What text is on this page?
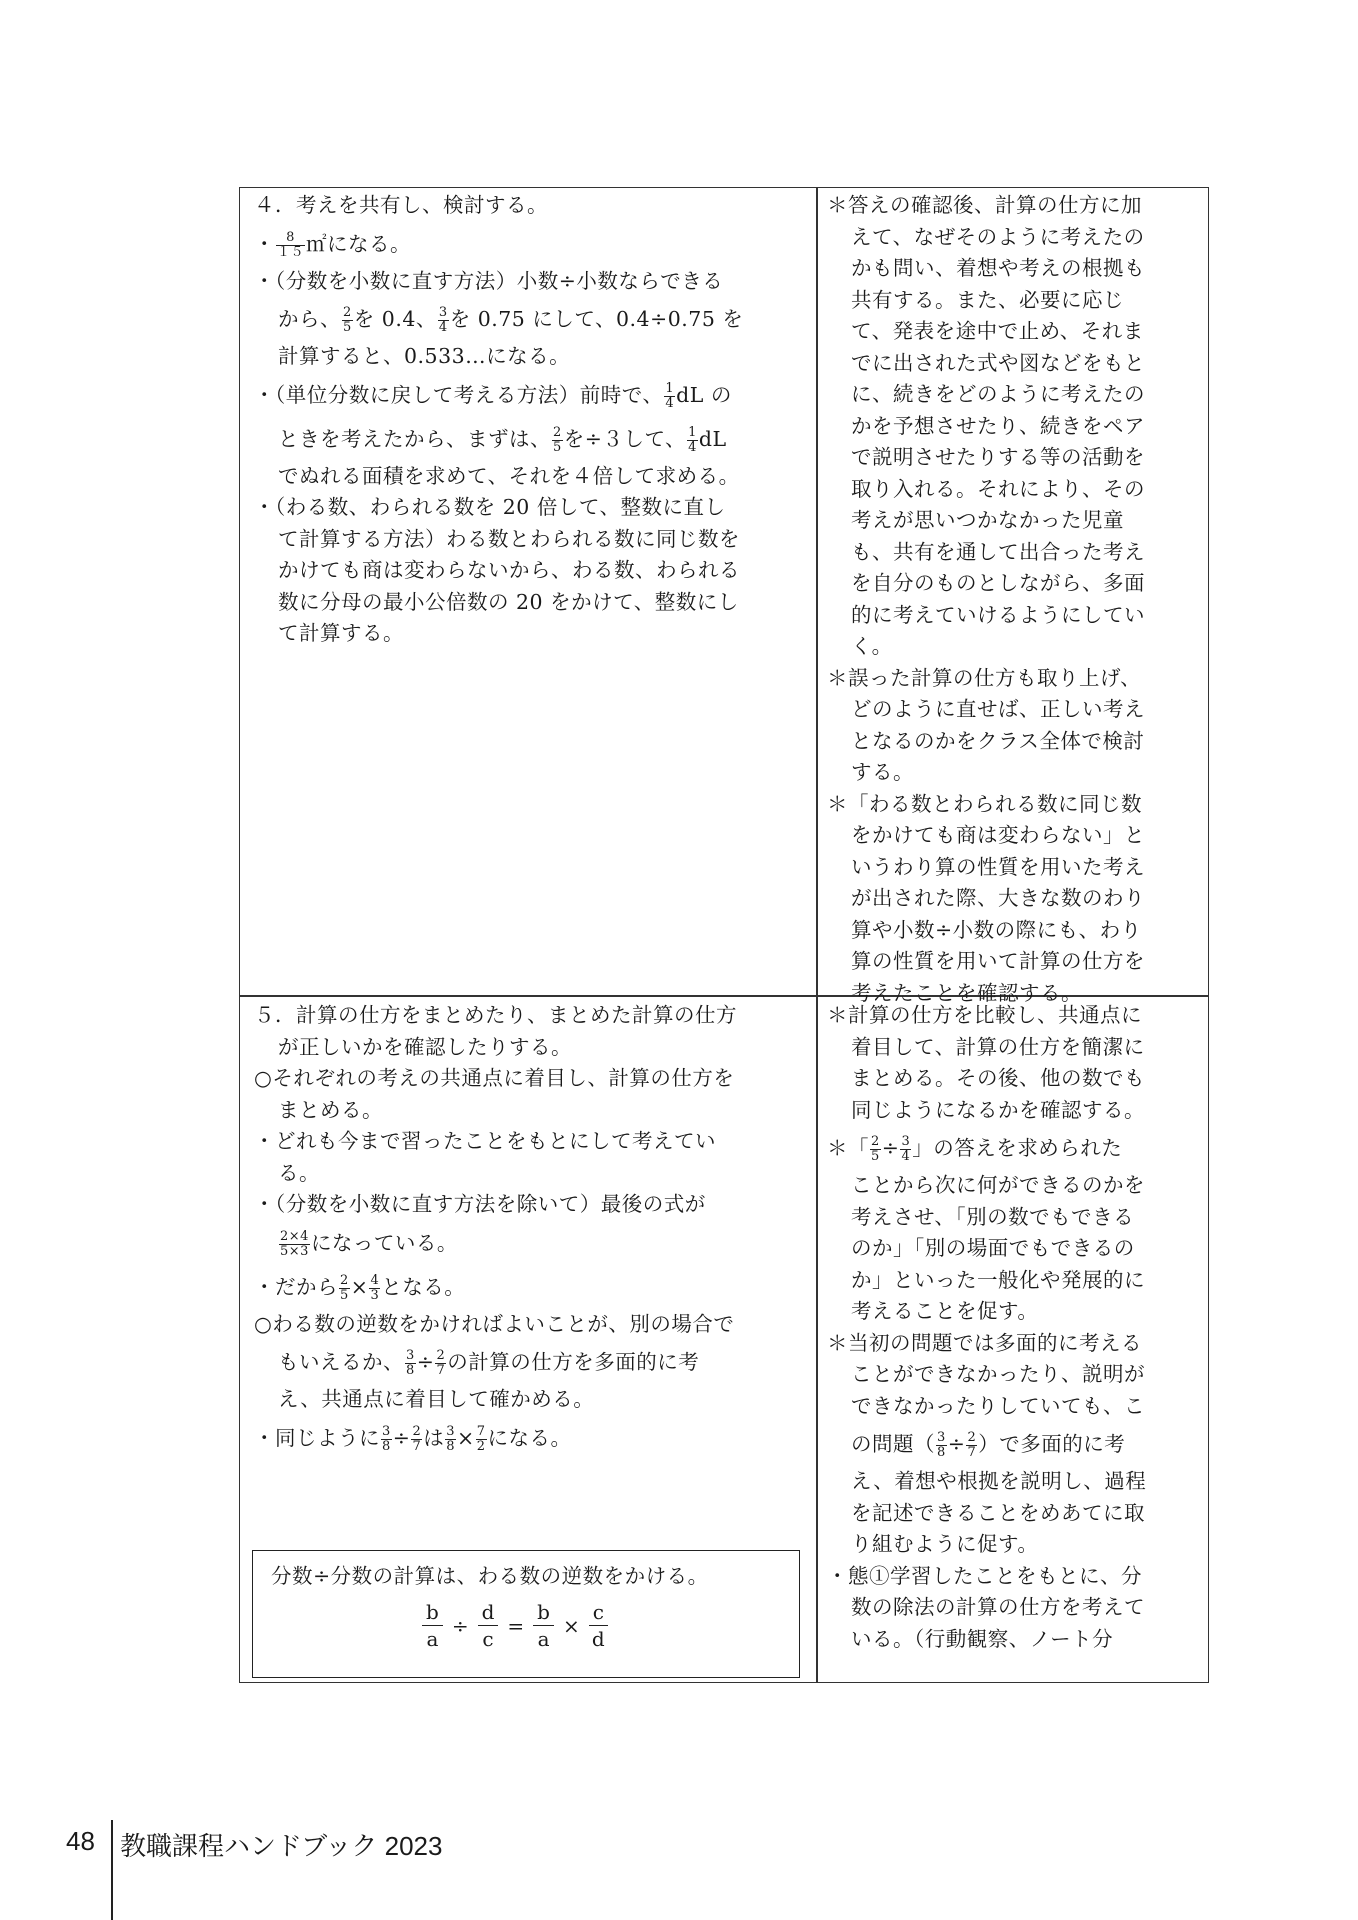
４．考えを共有し、検討する。
・ $\frac{8}{15}$ ㎡になる。
・（分数を小数に直す方法）小数÷小数ならできる
から、 $\frac{2}{5}$ を 0.4、 $\frac{3}{4}$ を 0.75 にして、0.4÷0.75 を
計算すると、0.533…になる。
・（単位分数に戻して考える方法）前時で、 $\frac{1}{4}$ dL の
ときを考えたから、まずは、 $\frac{2}{5}$ を÷３して、 $\frac{1}{4}$ dL
でぬれる面積を求めて、それを４倍して求める。
・（わる数、わられる数を 20 倍して、整数に直し
て計算する方法）わる数とわられる数に同じ数を
かけても商は変わらないから、わる数、わられる
数に分母の最小公倍数の 20 をかけて、整数にし
て計算する。
＊答えの確認後、計算の仕方に加
えて、なぜそのように考えたの
かも問い、着想や考えの根拠も
共有する。また、必要に応じ
て、発表を途中で止め、それま
でに出された式や図などをもと
に、続きをどのように考えたの
かを予想させたり、続きをペア
で説明させたりする等の活動を
取り入れる。それにより、その
考えが思いつかなかった児童
も、共有を通して出合った考え
を自分のものとしながら、多面
的に考えていけるようにしてい
く。
＊誤った計算の仕方も取り上げ、
どのように直せば、正しい考え
となるのかをクラス全体で検討
する。
＊「わる数とわられる数に同じ数
をかけても商は変わらない」と
いうわり算の性質を用いた考え
が出された際、大きな数のわり
算や小数÷小数の際にも、わり
算の性質を用いて計算の仕方を
考えたことを確認する。
５．計算の仕方をまとめたり、まとめた計算の仕方
が正しいかを確認したりする。
○それぞれの考えの共通点に着目し、計算の仕方を
まとめる。
・どれも今まで習ったことをもとにして考えてい
る。
・（分数を小数に直す方法を除いて）最後の式が
$\frac{2\times 4}{5\times 3}$ になっている。
・だから $\frac{2}{5} \times \frac{4}{3}$ となる。
○わる数の逆数をかければよいことが、別の場合で
もいえるか、 $\frac{3}{8} \div \frac{2}{7}$ の計算の仕方を多面的に考
え、共通点に着目して確かめる。
・同じように $\frac{3}{8} \div \frac{2}{7}$ は $\frac{3}{8} \times \frac{7}{2}$ になる。
＊計算の仕方を比較し、共通点に
着目して、計算の仕方を簡潔に
まとめる。その後、他の数でも
同じようになるかを確認する。
＊「 $\frac{2}{5} \div \frac{3}{4}$ 」の答えを求められた
ことから次に何ができるのかを
考えさせ、「別の数でもできる
のか」「別の場面でもできるの
か」といった一般化や発展的に
考えることを促す。
＊当初の問題では多面的に考える
ことができなかったり、説明が
できなかったりしていても、こ
の問題（ $\frac{3}{8} \div \frac{2}{7}$ ）で多面的に考
え、着想や根拠を説明し、過程
を記述できることをめあてに取
り組むように促す。
・態①学習したことをもとに、分
数の除法の計算の仕方を考えて
いる。（行動観察、ノート分
分数÷分数の計算は、わる数の逆数をかける。
$\frac{b}{a} \div \frac{d}{c} = \frac{b}{a} \times \frac{c}{d}$
48 教職課程ハンドブック 2023
